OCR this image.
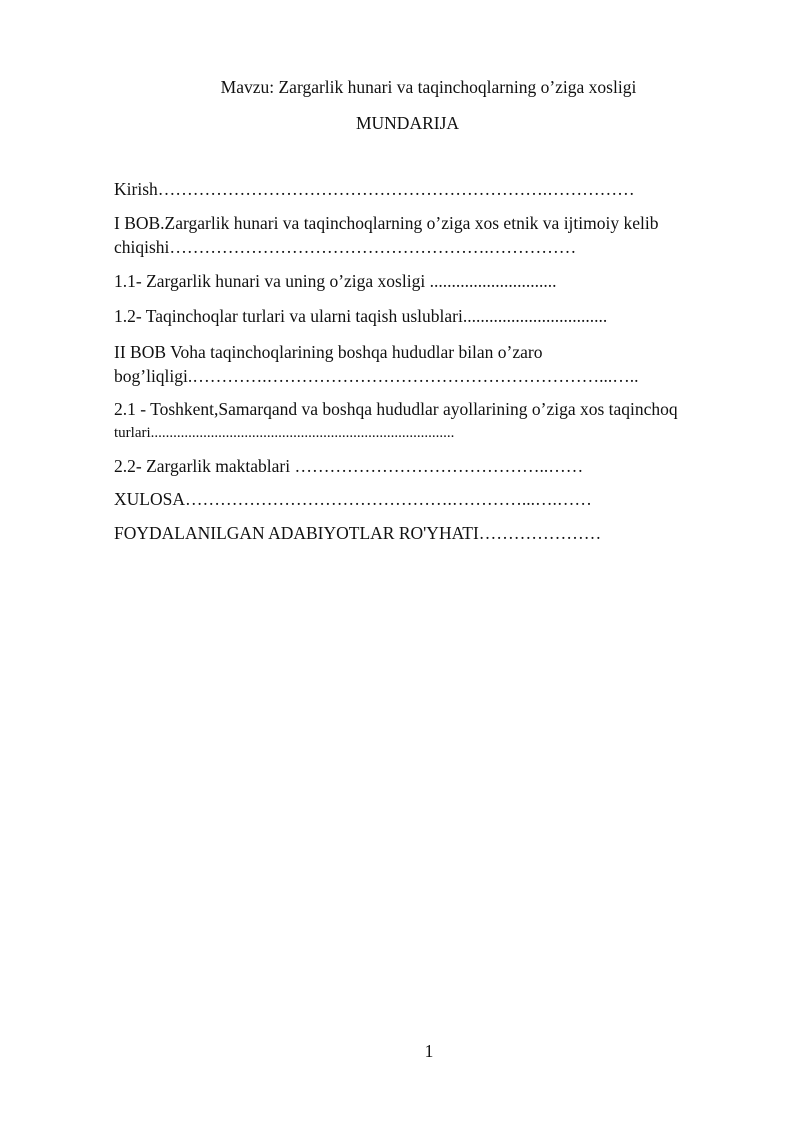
Mavzu: Zargarlik hunari va taqinchoqlarning o’ziga xosligi
MUNDARIJA
Kirish………………………………………………………….……………
I BOB.Zargarlik hunari va taqinchoqlarning o’ziga xos etnik va ijtimoiy kelib
chiqishi……………………………………………….……………
1.1- Zargarlik hunari va uning o’ziga xosligi .............................
1.2- Taqinchoqlar turlari va ularni taqish uslublari.................................
II BOB Voha taqinchoqlarining boshqa hududlar bilan o’zaro
bog’liqligi.………….…………………………………………………...…..
2.1 - Toshkent,Samarqand va boshqa hududlar ayollarining o’ziga xos taqinchoq
turlari.................................................................................
2.2- Zargarlik maktablari ……………………………………..……
XULOSA……………………………………….…………...….……
FOYDALANILGAN ADABIYOTLAR RO'YHATI…………………
1
